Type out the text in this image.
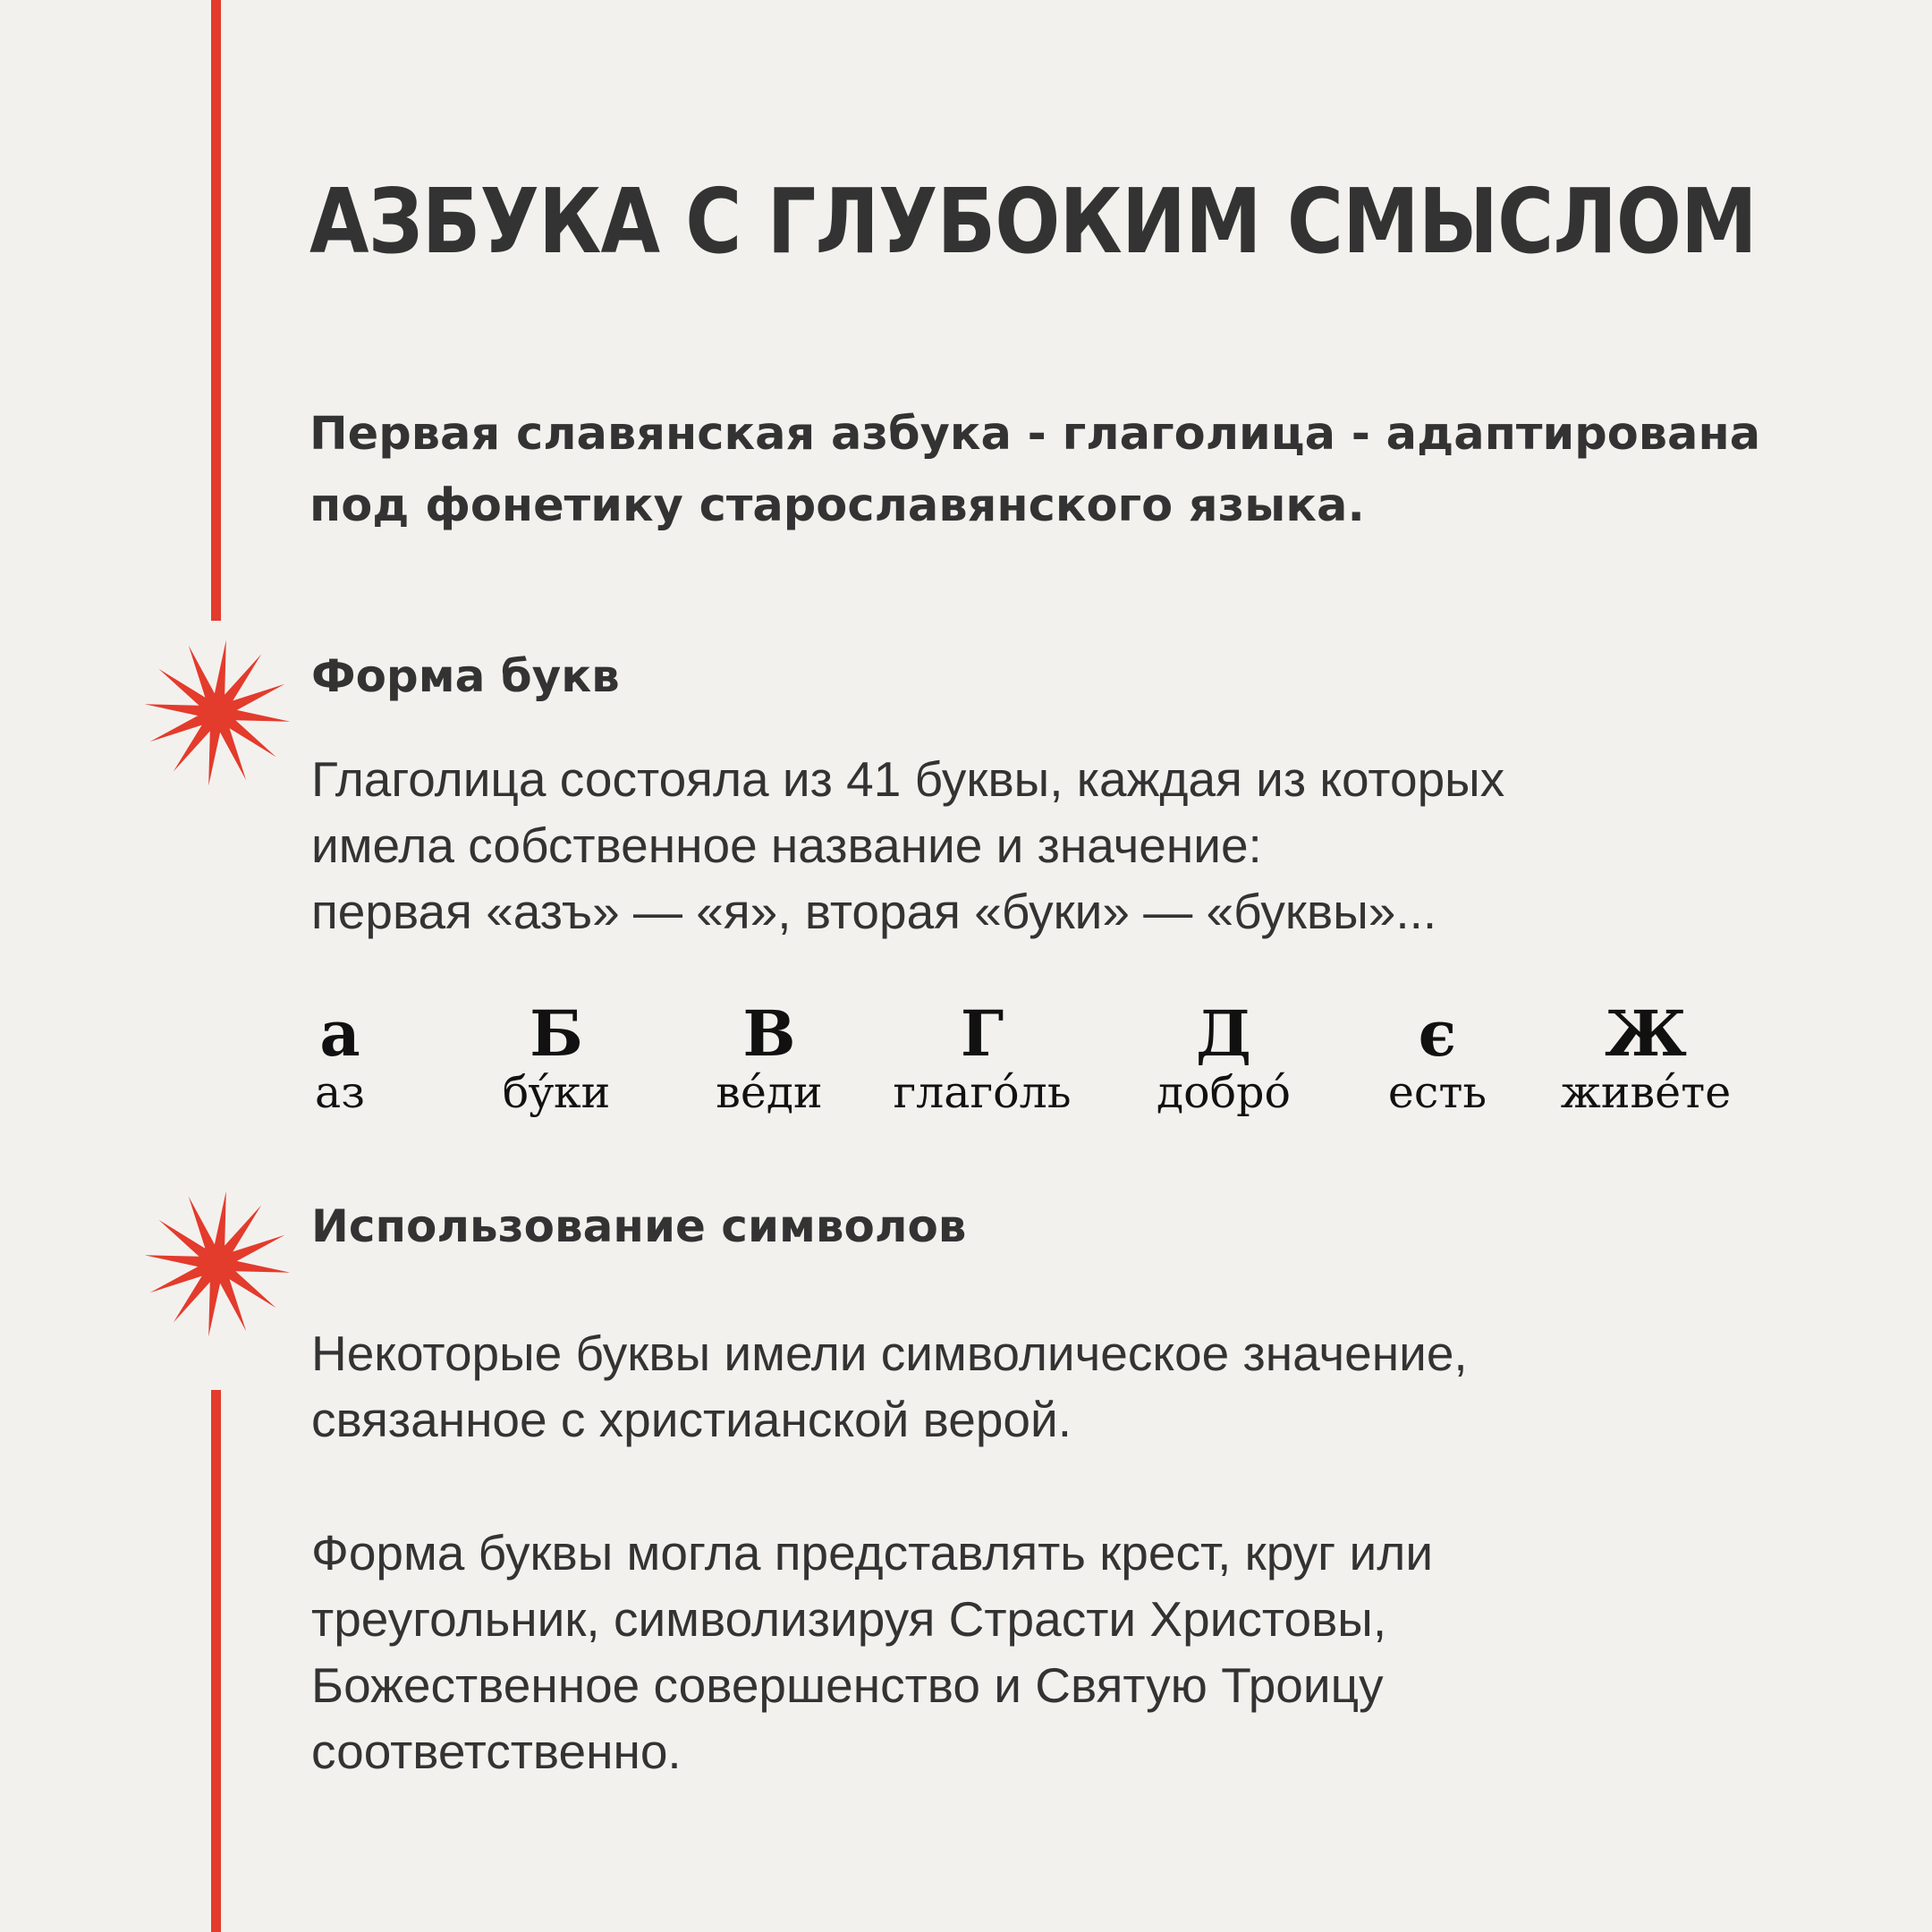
АЗБУКА С ГЛУБОКИМ СМЫСЛОМ
Первая славянская азбука - глаголица - адаптирована
под фонетику старославянского языка.
Форма букв
Глаголица состояла из 41 буквы, каждая из которых
имела собственное название и значение:
первая «азъ» — «я», вторая «буки» — «буквы»...
а
аз
Б
бýки
В
вéди
Г
глагóль
Д
добрó
є
есть
Ж
живéте
Использование символов
Некоторые буквы имели символическое значение,
связанное с христианской верой.
Форма буквы могла представлять крест, круг или
треугольник, символизируя Страсти Христовы,
Божественное совершенство и Святую Троицу
соответственно.
